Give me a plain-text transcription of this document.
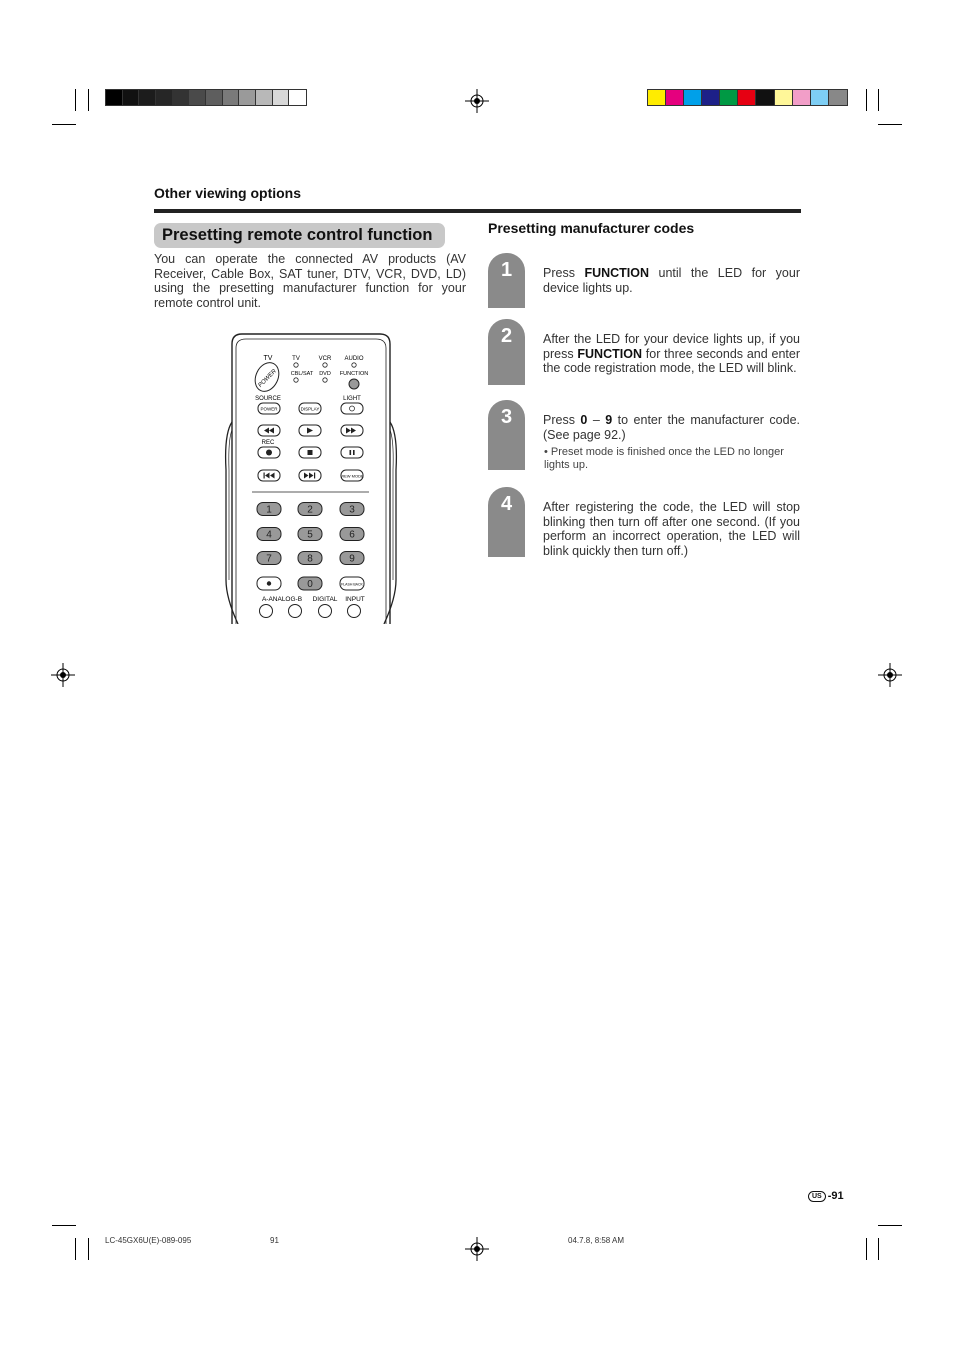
Other viewing options
Presetting remote control function
You can operate the connected AV products (AV Receiver, Cable Box, SAT tuner, DTV, VCR, DVD, LD) using the presetting manufacturer function for your remote control unit.
TV	TV	VCR AUDIO
CBL/SAT DVD FUNCTION
POWER
SOURCE	LIGHT
POWER	DISPLAY
REC
VIEW MODE
1	2	3
4	5	6
7	8	9
0	FLASH BACK
A-ANALOG-B DIGITAL INPUT
Presetting manufacturer codes
1	Press FUNCTION until the LED for your device lights up.
2	After the LED for your device lights up, if you press FUNCTION for three seconds and enter the code registration mode, the LED will blink.
3	Press 0 – 9 to enter the manufacturer code. (See page 92.)
• Preset mode is finished once the LED no longer lights up.
4	After registering the code, the LED will stop blinking then turn off after one second. (If you perform an incorrect operation, the LED will blink quickly then turn off.)
US -91
LC-45GX6U(E)-089-095	91	04.7.8, 8:58 AM
